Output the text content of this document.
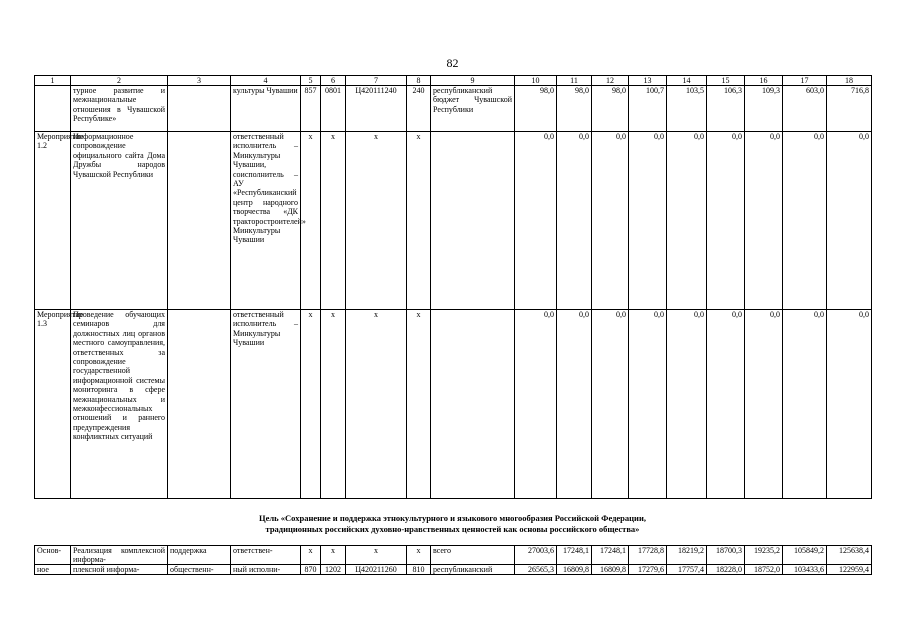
82
1	2	3	4	5	6	7	8	9	10	11	12	13	14	15	16	17	18
	турное развитие и межнациональные отношения в Чувашской Республике»		культуры Чувашии	857	0801	Ц420111240	240	республиканский бюджет Чувашской Республики	98,0	98,0	98,0	100,7	103,5	106,3	109,3	603,0	716,8
Мероприятие 1.2	Информационное сопровождение официального сайта Дома Дружбы народов Чувашской Республики		ответственный исполнитель – Минкультуры Чувашии, соисполнитель – АУ «Республиканский центр народного творчества «ДК тракторостроителей» Минкультуры Чувашии	x	x	x	x		0,0	0,0	0,0	0,0	0,0	0,0	0,0	0,0	0,0
Мероприятие 1.3	Проведение обучающих семинаров для должностных лиц органов местного самоуправления, ответственных за сопровождение государственной информационной системы мониторинга в сфере межнациональных и межконфессиональных отношений и раннего предупреждения конфликтных ситуаций		ответственный исполнитель – Минкультуры Чувашии	x	x	x	x		0,0	0,0	0,0	0,0	0,0	0,0	0,0	0,0	0,0
Цель «Сохранение и поддержка этнокультурного и языкового многообразия Российской Федерации,
традиционных российских духовно-нравственных ценностей как основы российского общества»
Основ-	Реализация комплексной информа-	поддержка	ответствен-	x	x	x	x	всего	27003,6	17248,1	17248,1	17728,8	18219,2	18700,3	19235,2	105849,2	125638,4
ное	плексной информа-	общественн-	ный исполни-	870	1202	Ц420211260	810	республиканский	26565,3	16809,8	16809,8	17279,6	17757,4	18228,0	18752,0	103433,6	122959,4
